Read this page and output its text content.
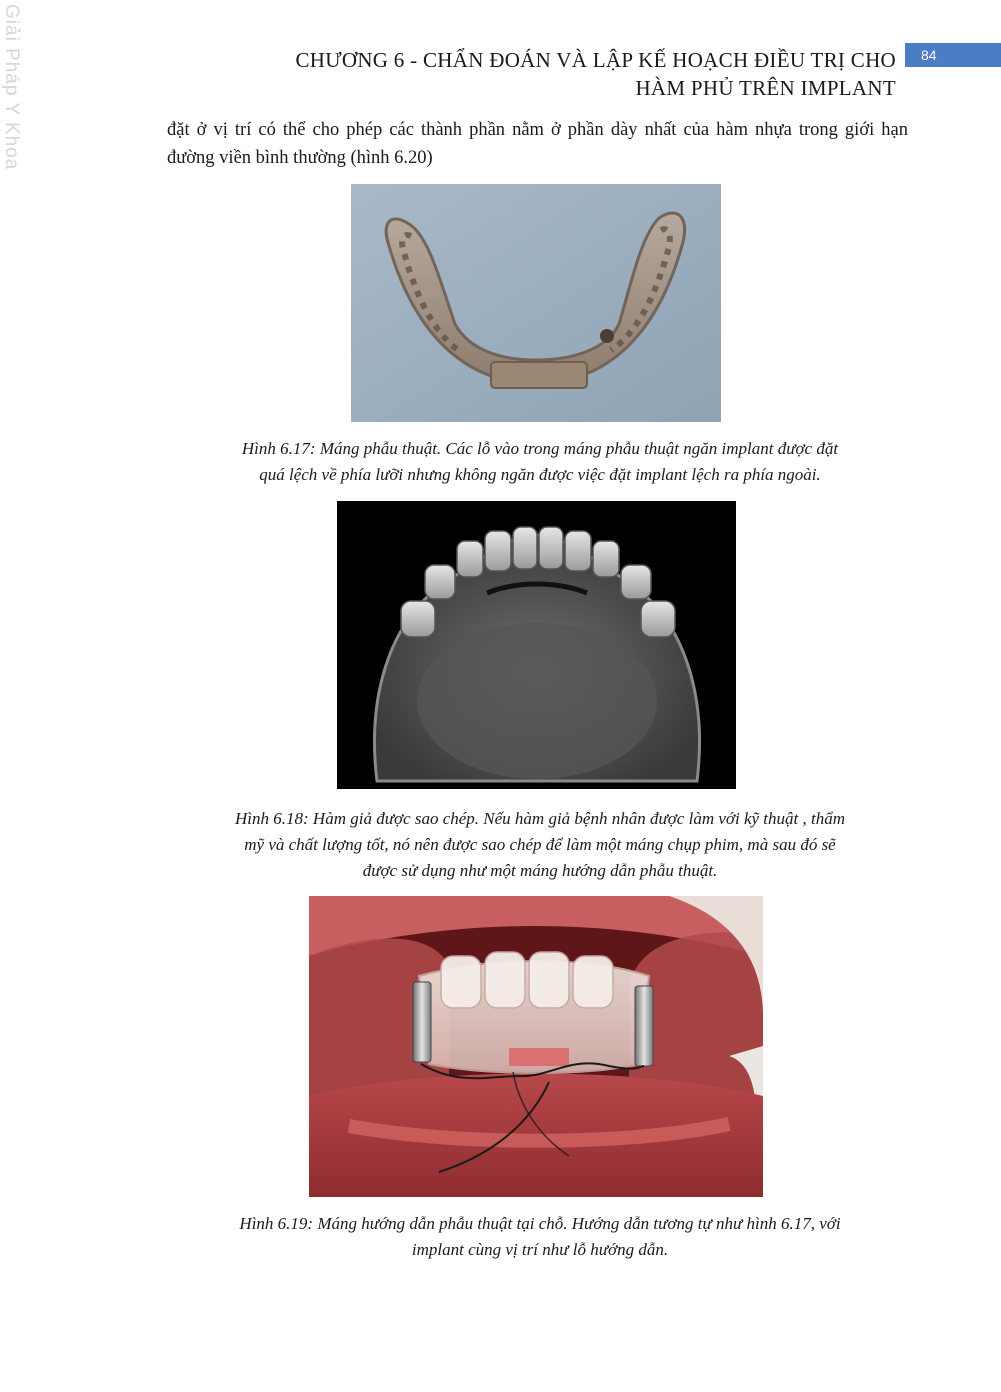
Giải Pháp Y Khoa	CHƯƠNG 6 - CHẨN ĐOÁN VÀ LẬP KẾ HOẠCH ĐIỀU TRỊ CHO
HÀM PHỦ TRÊN IMPLANT
84

đặt ở vị trí có thể cho phép các thành phần nằm ở phần dày nhất của hàm nhựa trong giới hạn đường viền bình thường (hình 6.20)

Hình 6.17: Máng phẫu thuật. Các lỗ vào trong máng phẫu thuật ngăn implant được đặt
quá lệch về phía lưỡi nhưng không ngăn được việc đặt implant lệch ra phía ngoài.
Hình 6.18: Hàm giả được sao chép. Nếu hàm giả bệnh nhân được làm với kỹ thuật , thẩm
mỹ và chất lượng tốt, nó nên được sao chép để làm một máng chụp phim, mà sau đó sẽ
được sử dụng như một máng hướng dẫn phẫu thuật.
Hình 6.19: Máng hướng dẫn phẫu thuật tại chỗ. Hướng dẫn tương tự như hình 6.17, với
implant cùng vị trí như lỗ hướng dẫn.
